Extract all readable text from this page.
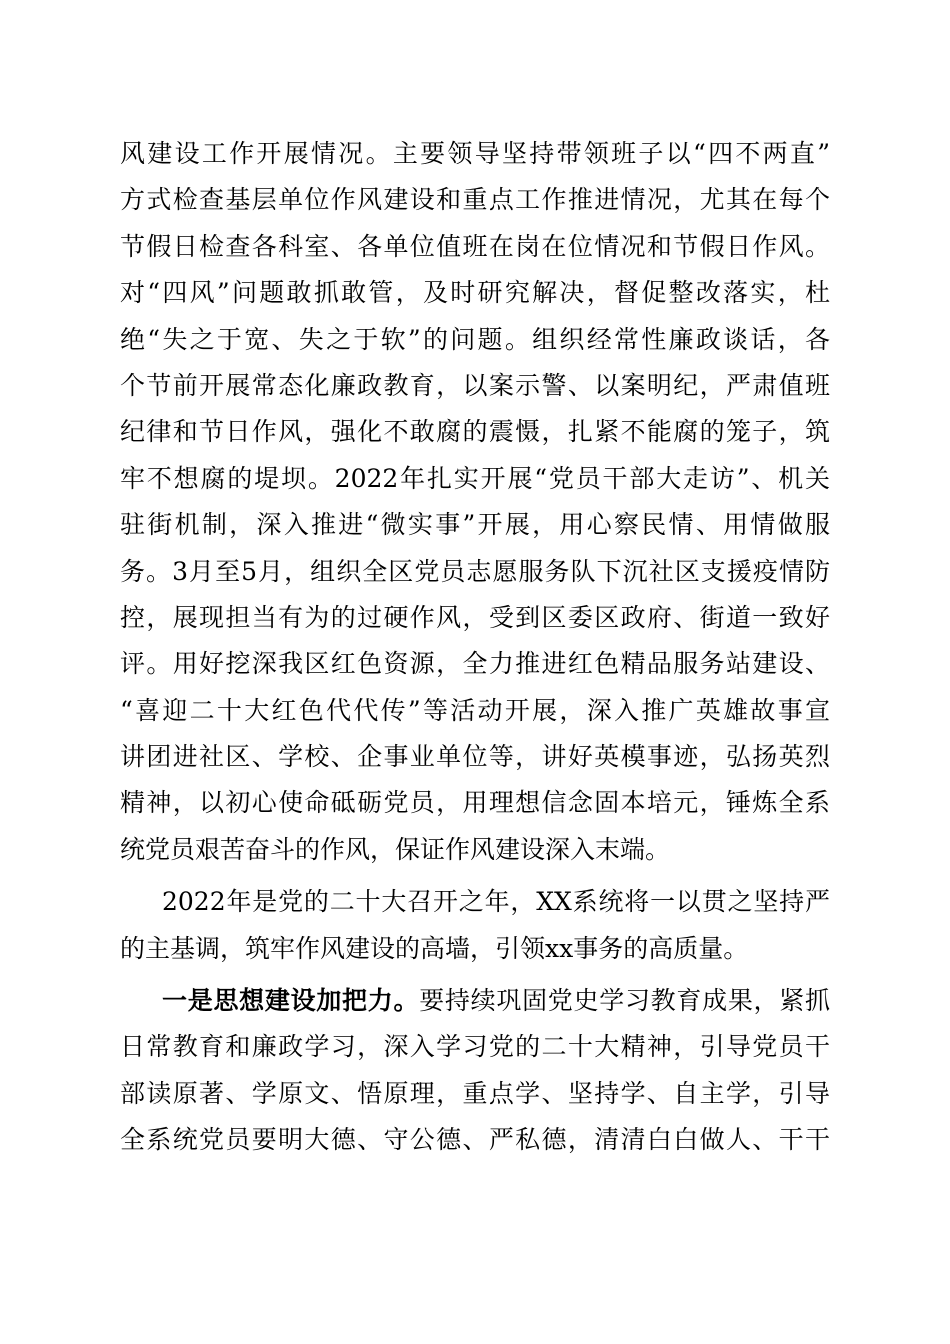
风建设工作开展情况。主要领导坚持带领班子以“四不两直”
方式检查基层单位作风建设和重点工作推进情况，尤其在每个
节假日检查各科室、各单位值班在岗在位情况和节假日作风。
对“四风”问题敢抓敢管，及时研究解决，督促整改落实，杜
绝“失之于宽、失之于软”的问题。组织经常性廉政谈话，各
个节前开展常态化廉政教育，以案示警、以案明纪，严肃值班
纪律和节日作风，强化不敢腐的震慑，扎紧不能腐的笼子，筑
牢不想腐的堤坝。2022年扎实开展“党员干部大走访”、机关
驻街机制，深入推进“微实事”开展，用心察民情、用情做服
务。3月至5月，组织全区党员志愿服务队下沉社区支援疫情防
控，展现担当有为的过硬作风，受到区委区政府、街道一致好
评。用好挖深我区红色资源，全力推进红色精品服务站建设、
“喜迎二十大红色代代传”等活动开展，深入推广英雄故事宣
讲团进社区、学校、企事业单位等，讲好英模事迹，弘扬英烈
精神，以初心使命砥砺党员，用理想信念固本培元，锤炼全系
统党员艰苦奋斗的作风，保证作风建设深入末端。
2022年是党的二十大召开之年，XX系统将一以贯之坚持严
的主基调，筑牢作风建设的高墙，引领xx事务的高质量。
一是思想建设加把力。要持续巩固党史学习教育成果，紧抓
日常教育和廉政学习，深入学习党的二十大精神，引导党员干
部读原著、学原文、悟原理，重点学、坚持学、自主学，引导
全系统党员要明大德、守公德、严私德，清清白白做人、干干
